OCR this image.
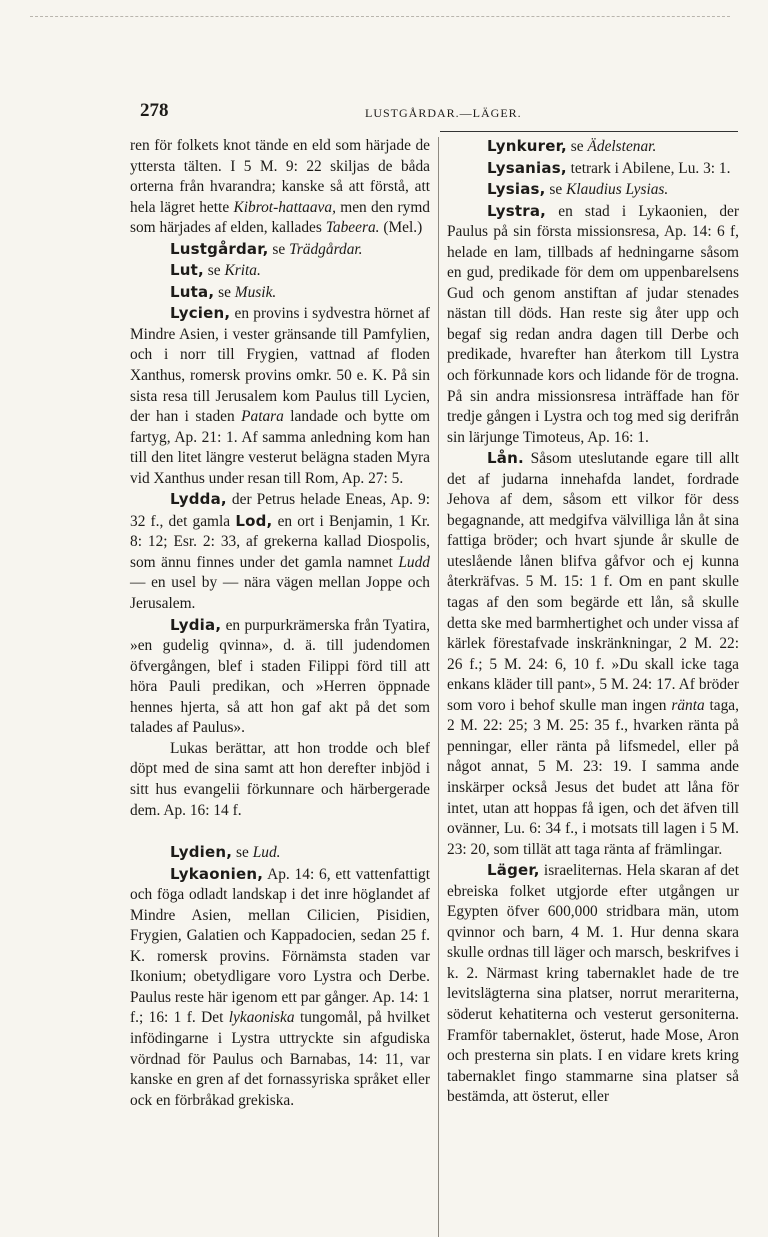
278	LUSTGÅRDAR.—LÄGER.

ren för folkets knot tände en eld som härjade de yttersta tälten. I 5 M. 9: 22 skiljas de båda orterna från hvarandra; kanske så att förstå, att hela lägret hette Kibrot-hattaava, men den rymd som härjades af elden, kallades Tabeera. (Mel.)

Lustgårdar, se Trädgårdar.

Lut, se Krita.

Luta, se Musik.

Lycien, en provins i sydvestra hörnet af Mindre Asien, i vester gränsande till Pamfylien, och i norr till Frygien, vattnad af floden Xanthus, romersk provins omkr. 50 e. K. På sin sista resa till Jerusalem kom Paulus till Lycien, der han i staden Patara landade och bytte om fartyg, Ap. 21: 1. Af samma anledning kom han till den litet längre vesterut belägna staden Myra vid Xanthus under resan till Rom, Ap. 27: 5.

Lydda, der Petrus helade Eneas, Ap. 9: 32 f., det gamla Lod, en ort i Benjamin, 1 Kr. 8: 12; Esr. 2: 33, af grekerna kallad Diospolis, som ännu finnes under det gamla namnet Ludd — en usel by — nära vägen mellan Joppe och Jerusalem.

Lydia, en purpurkrämerska från Tyatira, »en gudelig qvinna», d. ä. till judendomen öfvergången, blef i staden Filippi förd till att höra Pauli predikan, och »Herren öppnade hennes hjerta, så att hon gaf akt på det som talades af Paulus».

Lukas berättar, att hon trodde och blef döpt med de sina samt att hon derefter inbjöd i sitt hus evangelii förkunnare och härbergerade dem. Ap. 16: 14 f.

Lydien, se Lud.

Lykaonien, Ap. 14: 6, ett vattenfattigt och föga odladt landskap i det inre höglandet af Mindre Asien, mellan Cilicien, Pisidien, Frygien, Galatien och Kappadocien, sedan 25 f. K. romersk provins. Förnämsta staden var Ikonium; obetydligare voro Lystra och Derbe. Paulus reste här igenom ett par gånger. Ap. 14: 1 f.; 16: 1 f. Det lykaoniska tungomål, på hvilket infödingarne i Lystra uttryckte sin afgudiska vördnad för Paulus och Barnabas, 14: 11, var kanske en gren af det fornassyriska språket eller ock en förbråkad grekiska.

Lynkurer, se Ädelstenar.

Lysanias, tetrark i Abilene, Lu. 3: 1.

Lysias, se Klaudius Lysias.

Lystra, en stad i Lykaonien, der Paulus på sin första missionsresa, Ap. 14: 6 f, helade en lam, tillbads af hedningarne såsom en gud, predikade för dem om uppenbarelsens Gud och genom anstiftan af judar stenades nästan till döds. Han reste sig åter upp och begaf sig redan andra dagen till Derbe och predikade, hvarefter han återkom till Lystra och förkunnade kors och lidande för de trogna. På sin andra missionsresa inträffade han för tredje gången i Lystra och tog med sig derifrån sin lärjunge Timoteus, Ap. 16: 1.

Lån. Såsom uteslutande egare till allt det af judarna innehafda landet, fordrade Jehova af dem, såsom ett vilkor för dess begagnande, att medgifva välvilliga lån åt sina fattiga bröder; och hvart sjunde år skulle de uteslående lånen blifva gåfvor och ej kunna återkräfvas. 5 M. 15: 1 f. Om en pant skulle tagas af den som begärde ett lån, så skulle detta ske med barmhertighet och under vissa af kärlek förestafvade inskränkningar, 2 M. 22: 26 f.; 5 M. 24: 6, 10 f. »Du skall icke taga enkans kläder till pant», 5 M. 24: 17. Af bröder som voro i behof skulle man ingen ränta taga, 2 M. 22: 25; 3 M. 25: 35 f., hvarken ränta på penningar, eller ränta på lifsmedel, eller på något annat, 5 M. 23: 19. I samma ande inskärper också Jesus det budet att låna för intet, utan att hoppas få igen, och det äfven till ovänner, Lu. 6: 34 f., i motsats till lagen i 5 M. 23: 20, som tillät att taga ränta af främlingar.

Läger, israeliternas. Hela skaran af det ebreiska folket utgjorde efter utgången ur Egypten öfver 600,000 stridbara män, utom qvinnor och barn, 4 M. 1. Hur denna skara skulle ordnas till läger och marsch, beskrifves i k. 2. Närmast kring tabernaklet hade de tre levitslägterna sina platser, norrut merariterna, söderut kehatiterna och vesterut gersoniterna. Framför tabernaklet, österut, hade Mose, Aron och presterna sin plats. I en vidare krets kring tabernaklet fingo stammarne sina platser så bestämda, att österut, eller
